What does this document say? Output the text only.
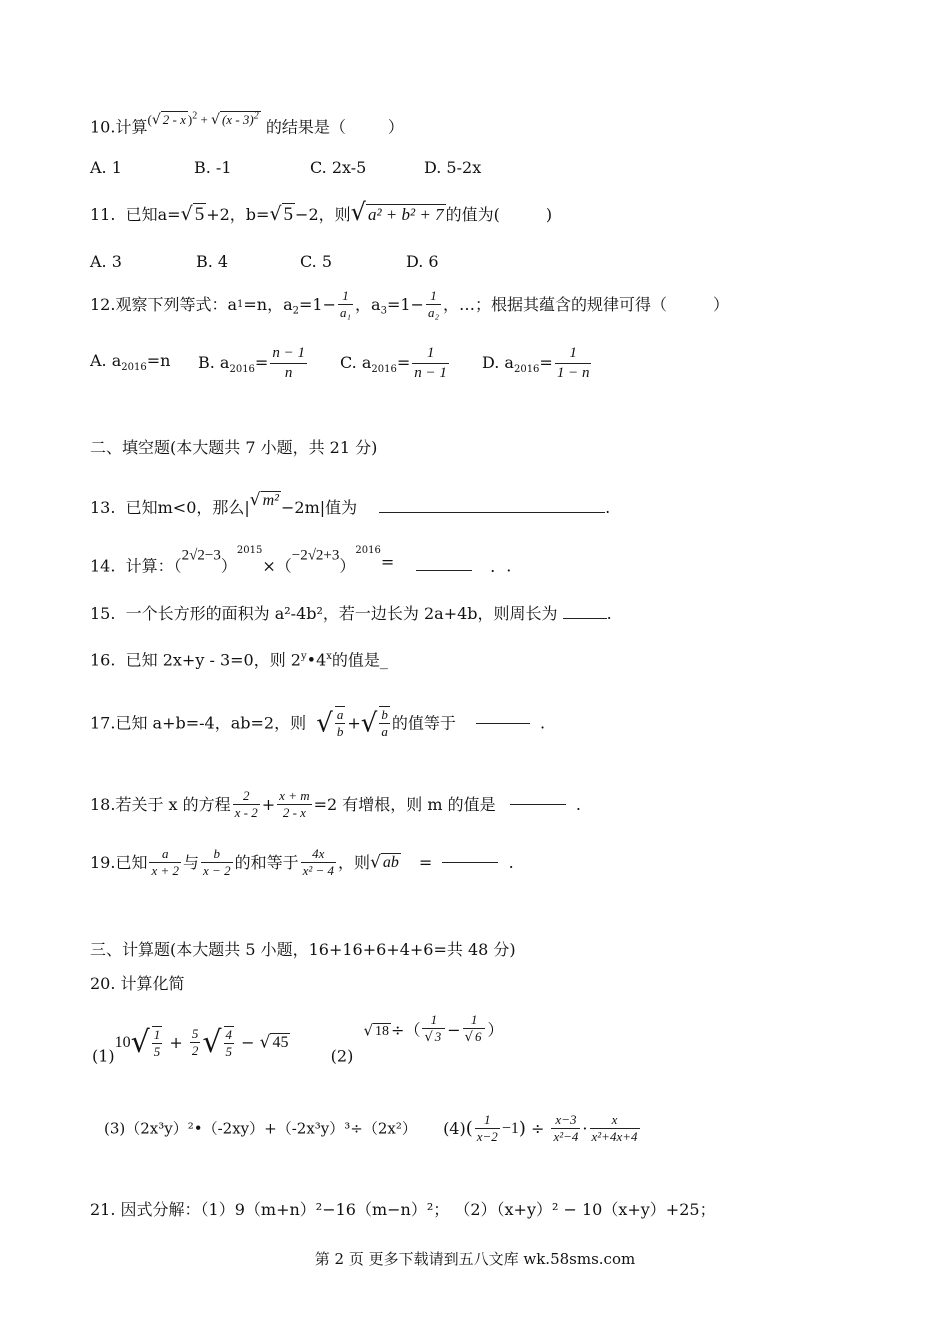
10.计算$^{(√ 2 - x )^2 + √ (x - 3)^2}$ 的结果是（	）
A. 1	B. -1	C. 2x-5	D. 5-2x
11. 已知a=√ 5 +2，b=√ 5 −2，则√ a² + b² + 7 的值为(	)
A. 3	B. 4	C. 5	D. 6
12.观察下列等式：a1=n，$a_2=1- \frac{1}{\text{a₁}}$ ，$a_3=1- \frac{1}{\text{a₂}}$ ，…；根据其蕴含的规律可得（	）
A. $a_{2016}=n$ B. $a_{2016}= \frac{n - 1}{n} C$. $a_{2016}= \frac{1}{n - 1} D$. $a_{2016}= \frac{1}{1 - n}$
二、填空题(本大题共 7 小题，共 21 分)
13. 已知m<0，那么|√ m² −2m|值为	.
14. 计算：$(2√2-3)^{2015}\times(-2√2+3)^{2016}=$	．.
15. 一个长方形的面积为 a²-4b²，若一边长为 2a+4b，则周长为	.
16. 已知 2x+y - 3=0，则 2$^y$•4$^x$的值是_
17.已知 a+b=-4，ab=2，则 √ $\frac{a}{b}$ +√ $\frac{b}{a}$ 的值等于	.
18.若关于 x 的方程 $\frac{2}{x - 2} + \frac{x + m}{2 - x} =2$ 有增根，则 m 的值是	.
19.已知 $\frac{a}{x + 2}$ 与 $\frac{b}{x - 2}$ 的和等于 $\frac{4x}{\text{x² − 4}}$ ，则√ ab =	.
三、计算题(本大题共 5 小题，16+16+6+4+6=共 48 分)
20. 计算化简
$(1)10√ \frac{1}{5} + \frac{5}{2}$ √ $\frac{4}{5}$ − √ 45  (2)  √ 18 ÷（ $\frac{1}{√ 3} - \frac{1}{√ 6}$ ）
(3)（2x³y）²•（-2xy）+（-2x³y）³÷（2x²） $(4)( \frac{1}{x-2} -1) \div \frac{x-3}{\text{x²−4}} \cdot \frac{x}{\text{x²+4x+4}}$
21. 因式分解：（1）9（m+n）²−16（m−n）²； （2）（x+y）² − 10（x+y）+25；
第 2 页 更多下载请到五八文库 wk.58sms.com
